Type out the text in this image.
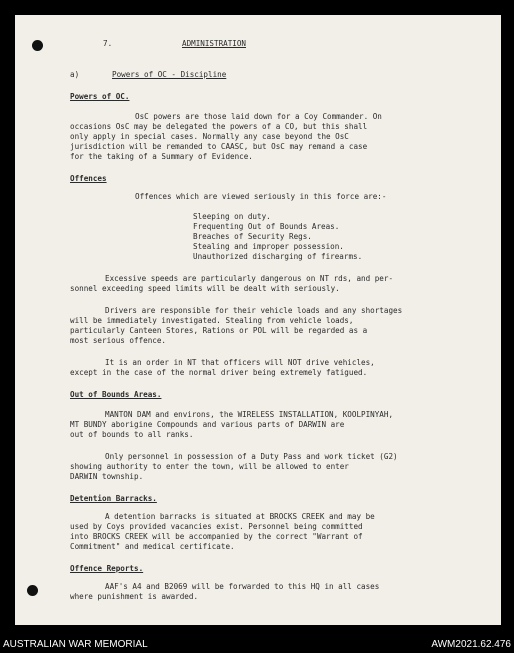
7.	ADMINISTRATION
a)	Powers of OC - Discipline
Powers of OC.
OsC powers are those laid down for a Coy Commander. On
occasions OsC may be delegated the powers of a CO, but this shall
only apply in special cases. Normally any case beyond the OsC
jurisdiction will be remanded to CAASC, but OsC may remand a case
for the taking of a Summary of Evidence.
Offences
Offences which are viewed seriously in this force are:-
Sleeping on duty.
Frequenting Out of Bounds Areas.
Breaches of Security Regs.
Stealing and improper possession.
Unauthorized discharging of firearms.
Excessive speeds are particularly dangerous on NT rds, and per-
sonnel exceeding speed limits will be dealt with seriously.
Drivers are responsible for their vehicle loads and any shortages
will be immediately investigated. Stealing from vehicle loads,
particularly Canteen Stores, Rations or POL will be regarded as a
most serious offence.
It is an order in NT that officers will NOT drive vehicles,
except in the case of the normal driver being extremely fatigued.
Out of Bounds Areas.
MANTON DAM and environs, the WIRELESS INSTALLATION, KOOLPINYAH,
MT BUNDY aborigine Compounds and various parts of DARWIN are
out of bounds to all ranks.
Only personnel in possession of a Duty Pass and work ticket (G2)
showing authority to enter the town, will be allowed to enter
DARWIN township.
Detention Barracks.
A detention barracks is situated at BROCKS CREEK and may be
used by Coys provided vacancies exist. Personnel being committed
into BROCKS CREEK will be accompanied by the correct "Warrant of
Commitment" and medical certificate.
Offence Reports.
AAF's A4 and B2069 will be forwarded to this HQ in all cases
where punishment is awarded.
AUSTRALIAN WAR MEMORIAL	AWM2021.62.476
